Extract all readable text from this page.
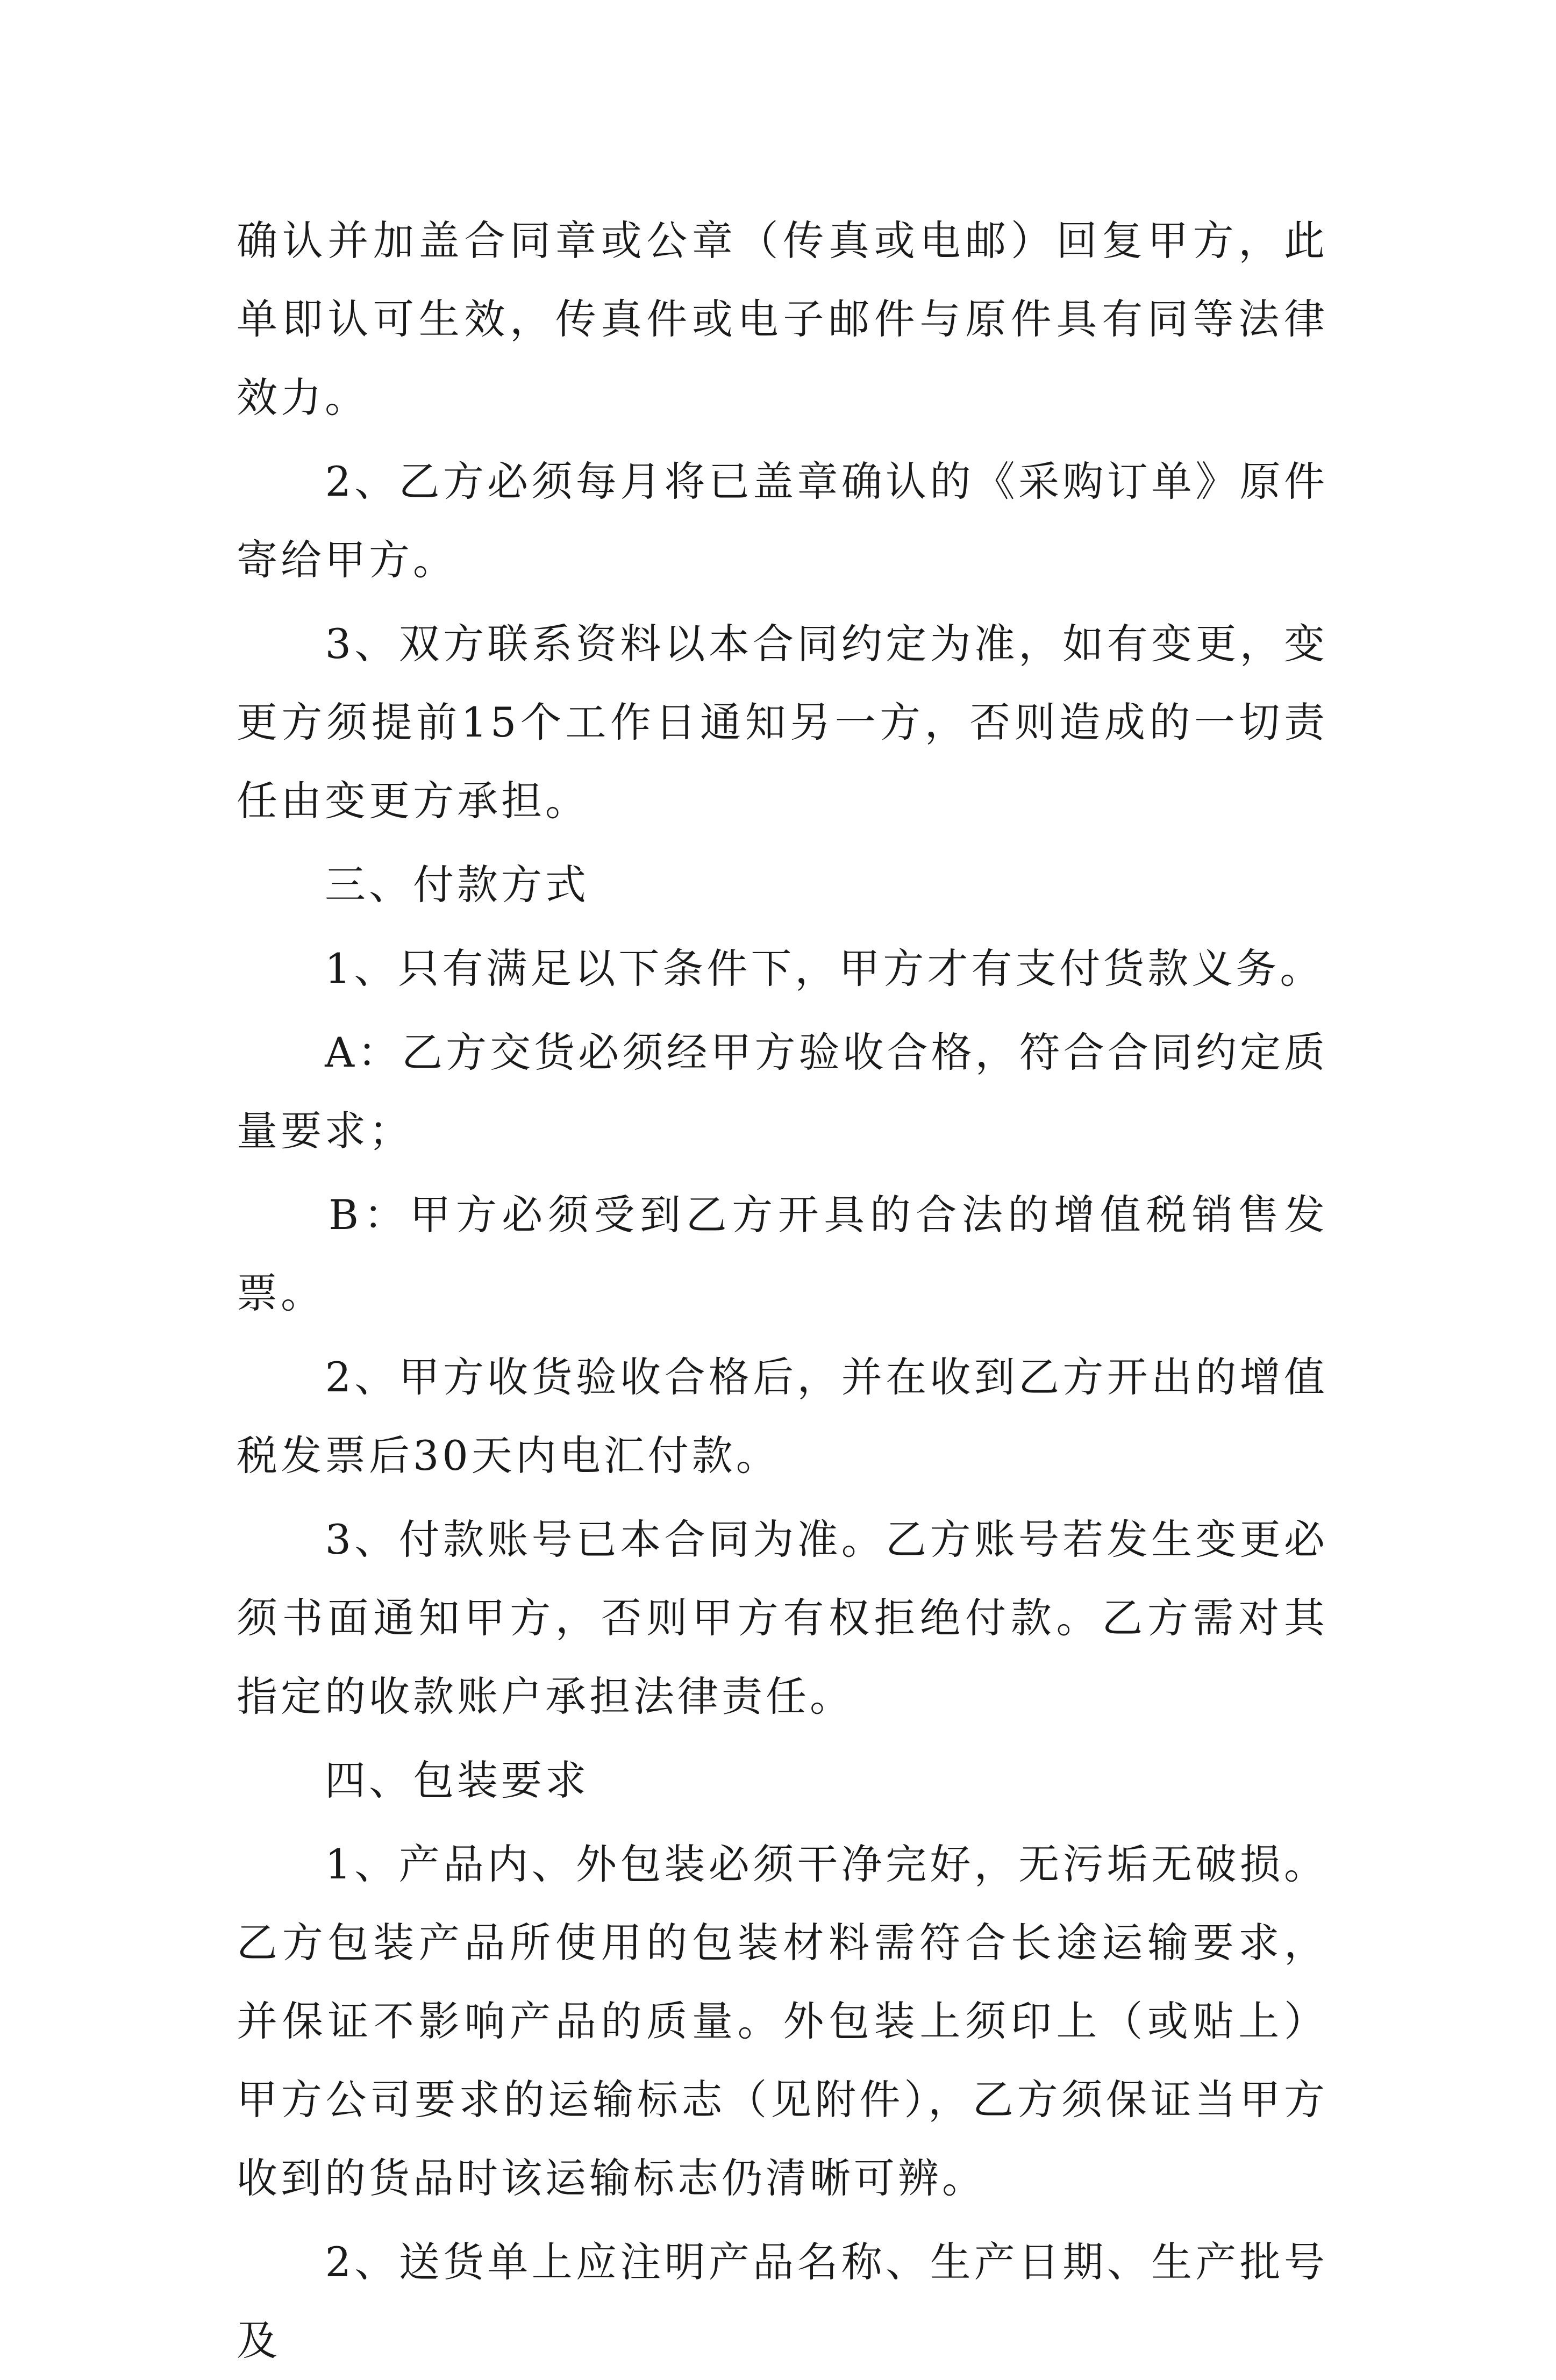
确认并加盖合同章或公章（传真或电邮）回复甲方，此单即认可生效，传真件或电子邮件与原件具有同等法律效力。

　　2、乙方必须每月将已盖章确认的《采购订单》原件寄给甲方。

　　3、双方联系资料以本合同约定为准，如有变更，变更方须提前15个工作日通知另一方，否则造成的一切责任由变更方承担。

　　三、付款方式

　　1、只有满足以下条件下，甲方才有支付货款义务。

　　A：乙方交货必须经甲方验收合格，符合合同约定质量要求；

　　B：甲方必须受到乙方开具的合法的增值税销售发票。

　　2、甲方收货验收合格后，并在收到乙方开出的增值税发票后30天内电汇付款。

　　3、付款账号已本合同为准。乙方账号若发生变更必须书面通知甲方，否则甲方有权拒绝付款。乙方需对其指定的收款账户承担法律责任。

　　四、包装要求

　　1、产品内、外包装必须干净完好，无污垢无破损。乙方包装产品所使用的包装材料需符合长途运输要求，并保证不影响产品的质量。外包装上须印上（或贴上）甲方公司要求的运输标志（见附件），乙方须保证当甲方收到的货品时该运输标志仍清晰可辨。

　　2、送货单上应注明产品名称、生产日期、生产批号及
